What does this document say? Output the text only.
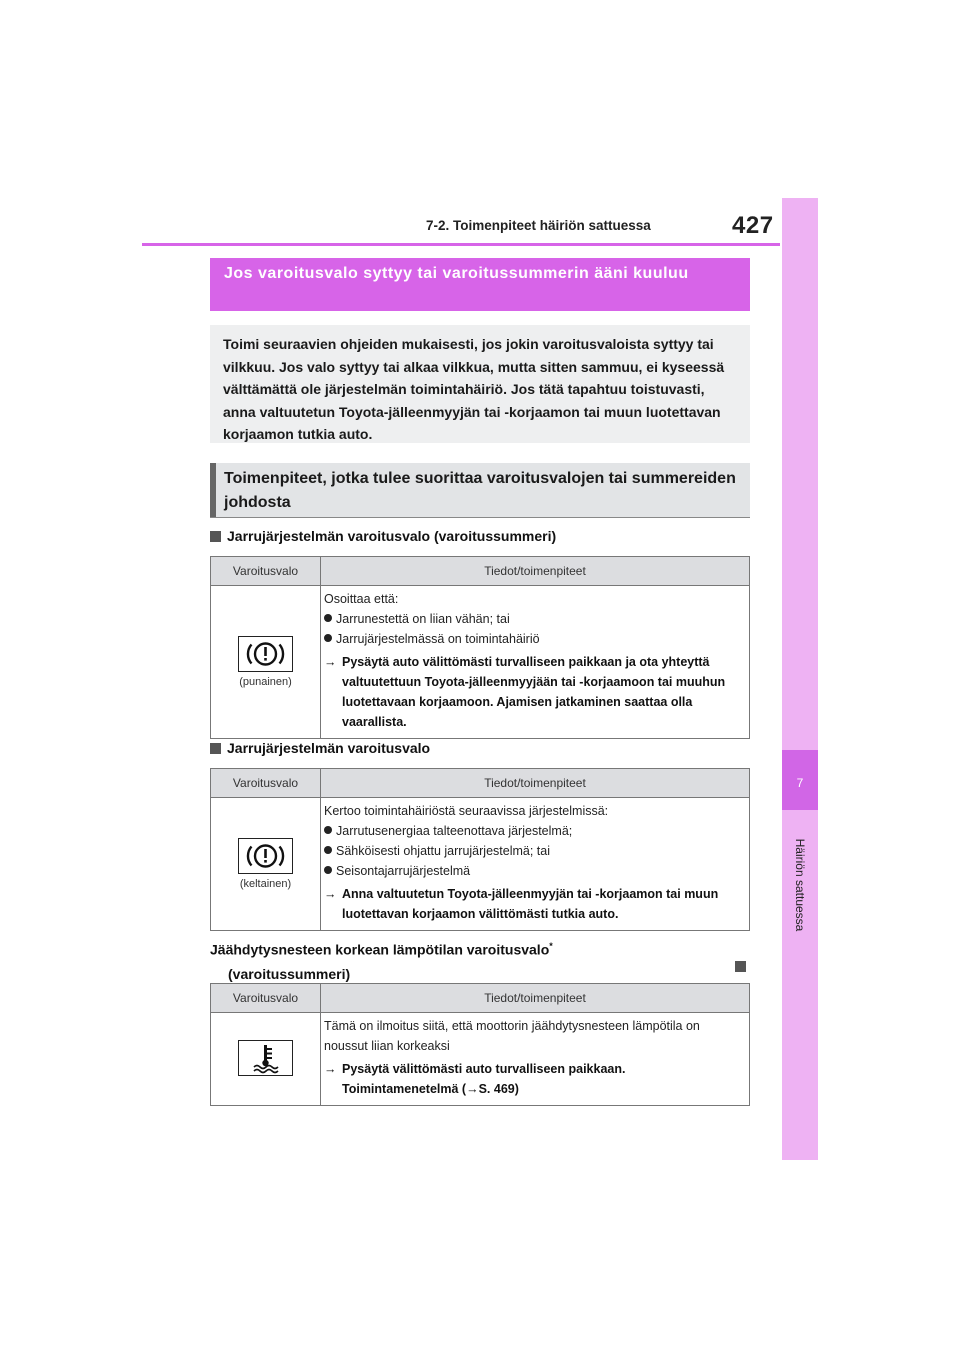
7-2. Toimenpiteet häiriön sattuessa	427
7
Häiriön sattuessa
Jos varoitusvalo syttyy tai varoitussummerin ääni kuuluu
Toimi seuraavien ohjeiden mukaisesti, jos jokin varoitusvaloista syttyy tai vilkkuu. Jos valo syttyy tai alkaa vilkkua, mutta sitten sammuu, ei kyseessä välttämättä ole järjestelmän toimintahäiriö. Jos tätä tapahtuu toistuvasti, anna valtuutetun Toyota-jälleenmyyjän tai -korjaamon tai muun luotettavan korjaamon tutkia auto.
Toimenpiteet, jotka tulee suorittaa varoitusvalojen tai summereiden johdosta
Jarrujärjestelmän varoitusvalo (varoitussummeri)
Varoitusvalo	Tiedot/toimenpiteet

(punainen)	Osoittaa että:
Jarrunestettä on liian vähän; tai
Jarrujärjestelmässä on toimintahäiriö
→ Pysäytä auto välittömästi turvalliseen paikkaan ja ota yhteyttä valtuutettuun Toyota-jälleenmyyjään tai -korjaamoon tai muuhun luotettavaan korjaamoon. Ajamisen jatkaminen saattaa olla vaarallista.
Jarrujärjestelmän varoitusvalo
Varoitusvalo	Tiedot/toimenpiteet

(keltainen)	Kertoo toimintahäiriöstä seuraavissa järjestelmissä:
Jarrutusenergiaa talteenottava järjestelmä;
Sähköisesti ohjattu jarrujärjestelmä; tai
Seisontajarrujärjestelmä
→ Anna valtuutetun Toyota-jälleenmyyjän tai -korjaamon tai muun luotettavan korjaamon välittömästi tutkia auto.
Jäähdytysnesteen korkean lämpötilan varoitusvalo*
(varoitussummeri)
Varoitusvalo	Tiedot/toimenpiteet

Tämä on ilmoitus siitä, että moottorin jäähdytysnesteen lämpötila on noussut liian korkeaksi
→ Pysäytä välittömästi auto turvalliseen paikkaan. Toimintamenetelmä (→S. 469)
